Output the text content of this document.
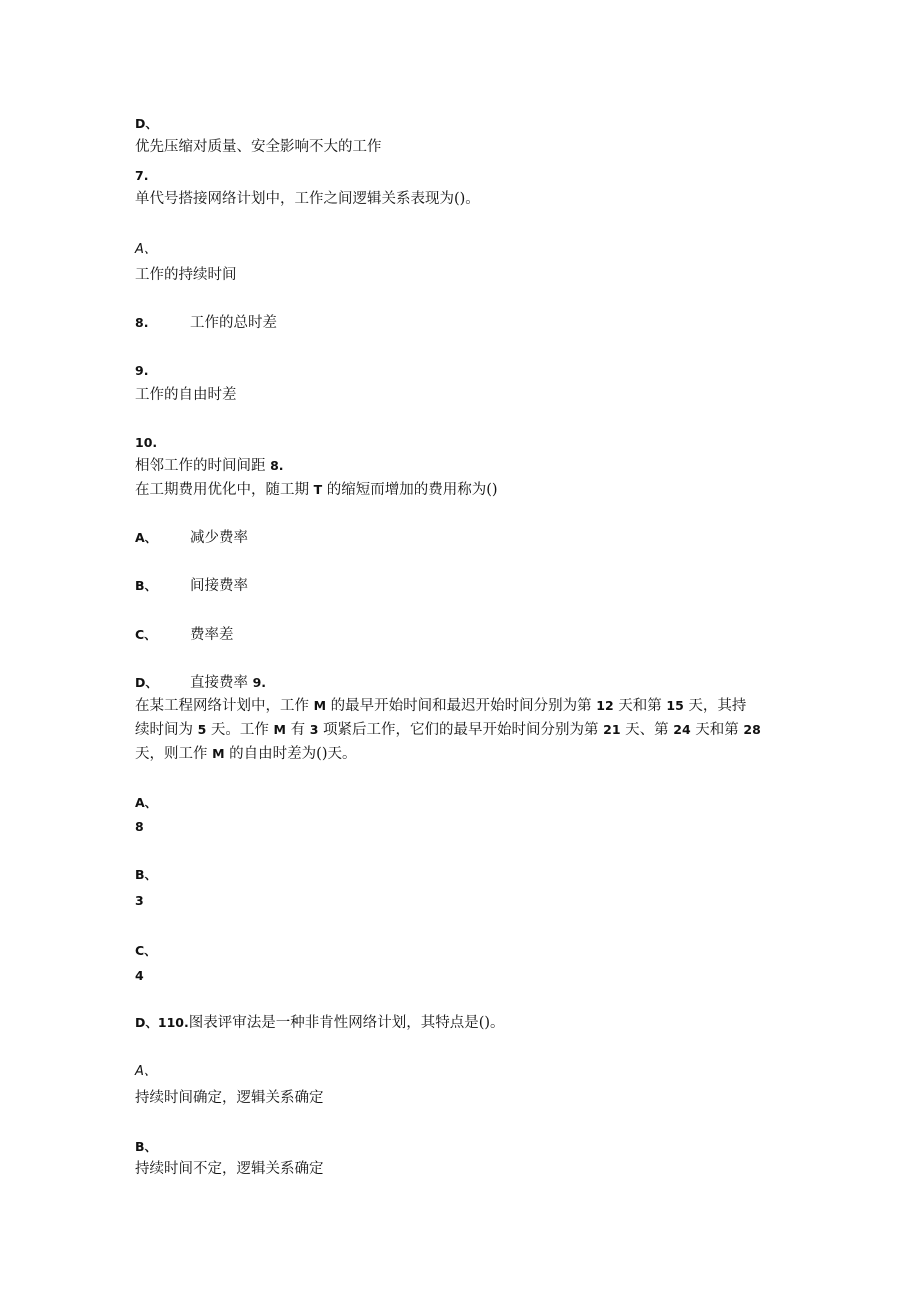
D、
优先压缩对质量、安全影响不大的工作
7.
单代号搭接网络计划中，工作之间逻辑关系表现为()。
A、
工作的持续时间
8.	工作的总时差
9.
工作的自由时差
10.
相邻工作的时间间距 8.
在工期费用优化中，随工期 T 的缩短而增加的费用称为()
A、 减少费率
B、 间接费率
C、 费率差
D、 直接费率 9.
在某工程网络计划中，工作 M 的最早开始时间和最迟开始时间分别为第 12 天和第 15 天，其持
续时间为 5 天。工作 M 有 3 项紧后工作，它们的最早开始时间分别为第 21 天、第 24 天和第 28
天，则工作 M 的自由时差为()天。
A、
8
B、
3
C、
4
D、110.图表评审法是一种非肯性网络计划，其特点是()。
A、
持续时间确定，逻辑关系确定
B、
持续时间不定，逻辑关系确定
